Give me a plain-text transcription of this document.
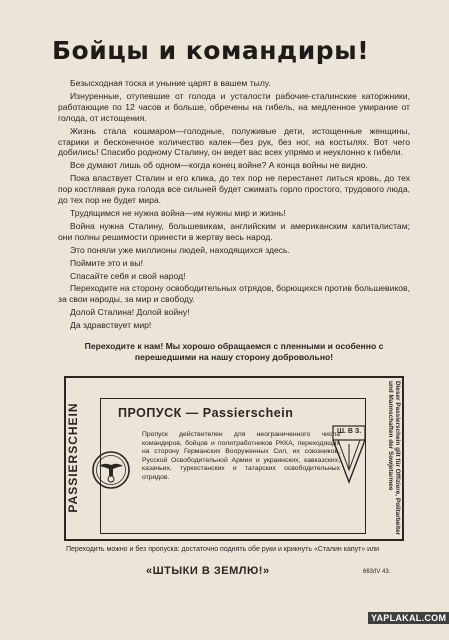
Бойцы и командиры!

Безысходная тоска и уныние царят в вашем тылу.

Изнуренные, отупевшие от голода и усталости рабочие-сталинские каторжники, работающие по 12 часов и больше, обречены на гибель, на медленное умирание от голода, от истощения.

Жизнь стала кошмаром—голодные, полуживые дети, истощенные женщины, старики и бесконечное количество калек—без рук, без ног, на костылях. Вот чего добились! Спасибо родному Сталину, он ведет вас всех упрямо и неуклонно к гибели.

Все думают лишь об одном—когда конец войне? А конца войны не видно.

Пока властвует Сталин и его клика, до тех пор не перестанет литься кровь, до тех пор костлявая рука голода все сильней будет сжимать горло простого, трудового люда, до тех пор не будет мира.

Трудящимся не нужна война—им нужны мир и жизнь!

Война нужна Сталину, большевикам, английским и американским капиталистам; они полны решимости принести в жертву весь народ.

Это поняли уже миллионы людей, находящихся здесь.

Поймите это и вы!

Спасайте себя и свой народ!

Переходите на сторону освободительных отрядов, борющихся против большевиков, за свои народы, за мир и свободу.

Долой Сталина! Долой войну!

Да здравствует мир!

Переходите к нам! Мы хорошо обращаемся с пленными и особенно с перешедшими на нашу сторону добровольно!
PASSIERSCHEIN	Dieser Passierschein gilt für Offiziere, Politarbeiter und Mannschaften der Sowjetarmee
ПРОПУСК — Passierschein
Пропуск действителен для неограниченного числа командиров, бойцов и политработников РККА, переходящих на сторону Германских Вооруженных Сил, их союзников, Русской Освободительной Армии и украинских, кавказских, казачьих, туркестанских и татарских освободительных отрядов.
Ш. В З.
Переходить можно и без пропуска: достаточно поднять обе руки и крикнуть «Сталин капут» или
«ШТЫКИ В ЗЕМЛЮ!»	663/IV 43.
YAPLAKAL.COM
